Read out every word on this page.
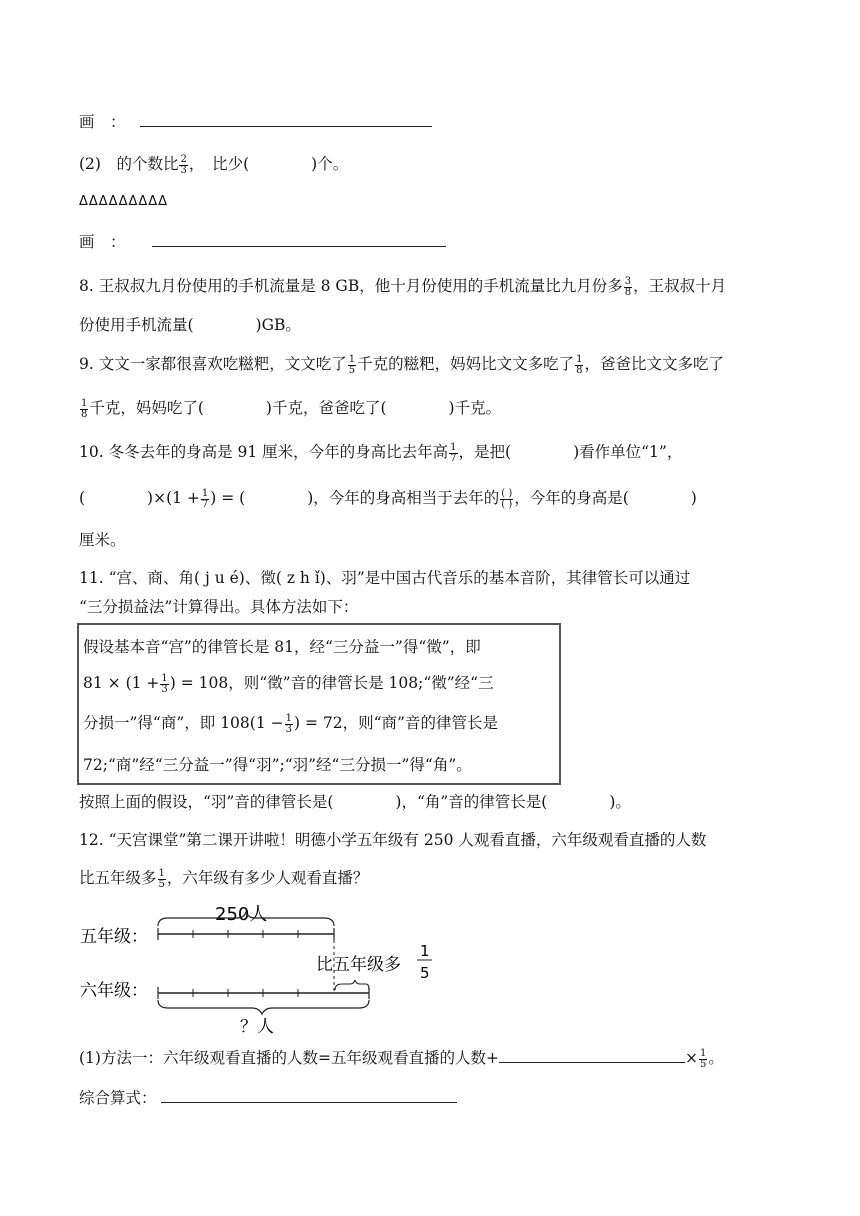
画　：
(2)　的个数比 $\frac{2}{3}$ ，　比少(　　　　)个。
ΔΔΔΔΔΔΔΔΔ
画　：
8. 王叔叔九月份使用的手机流量是 8 GB，他十月份使用的手机流量比九月份多 $\frac{3}{8}$ ，王叔叔十月
份使用手机流量(　　　　)GB。
9. 文文一家都很喜欢吃糍粑，文文吃了 $\frac{1}{5}$ 千克的糍粑，妈妈比文文多吃了 $\frac{1}{8}$ ，爸爸比文文多吃了
$\frac{1}{8}$ 千克，妈妈吃了(　　　　)千克，爸爸吃了(　　　　)千克。
10. 冬冬去年的身高是 91 厘米，今年的身高比去年高 $\frac{1}{7}$ ，是把(　　　　)看作单位“1”，
(　　　　)$\times(1 + \frac{1}{7}$ ) = (　　　　)，今年的身高相当于去年的 ( )
( ) ，今年的身高是(　　　　)
厘米。
11. “宫、商、角( j u é)、徵( z h ǐ)、羽”是中国古代音乐的基本音阶，其律管长可以通过
“三分损益法”计算得出。具体方法如下：
假设基本音“宫”的律管长是 81，经“三分益一”得“徵”，即
$81 \times (1 + \frac{1}{3}$ ) = 108，则“徵”音的律管长是 108;“徵”经“三
分损一”得“商”，即 $108(1 - \frac{1}{3}$ ) = 72，则“商”音的律管长是
72;“商”经“三分益一”得“羽”;“羽”经“三分损一”得“角”。
按照上面的假设，“羽”音的律管长是(　　　　)，“角”音的律管长是(　　　　)。
12. “天宫课堂”第二课开讲啦！明德小学五年级有 250 人观看直播，六年级观看直播的人数
比五年级多 $\frac{1}{5}$ ，六年级有多少人观看直播？
五年级：
六年级：
250人
比五年级多
1
5
？人
(1)方法一：六年级观看直播的人数=五年级观看直播的人数+	× $\frac{1}{5}$ 。
综合算式：
